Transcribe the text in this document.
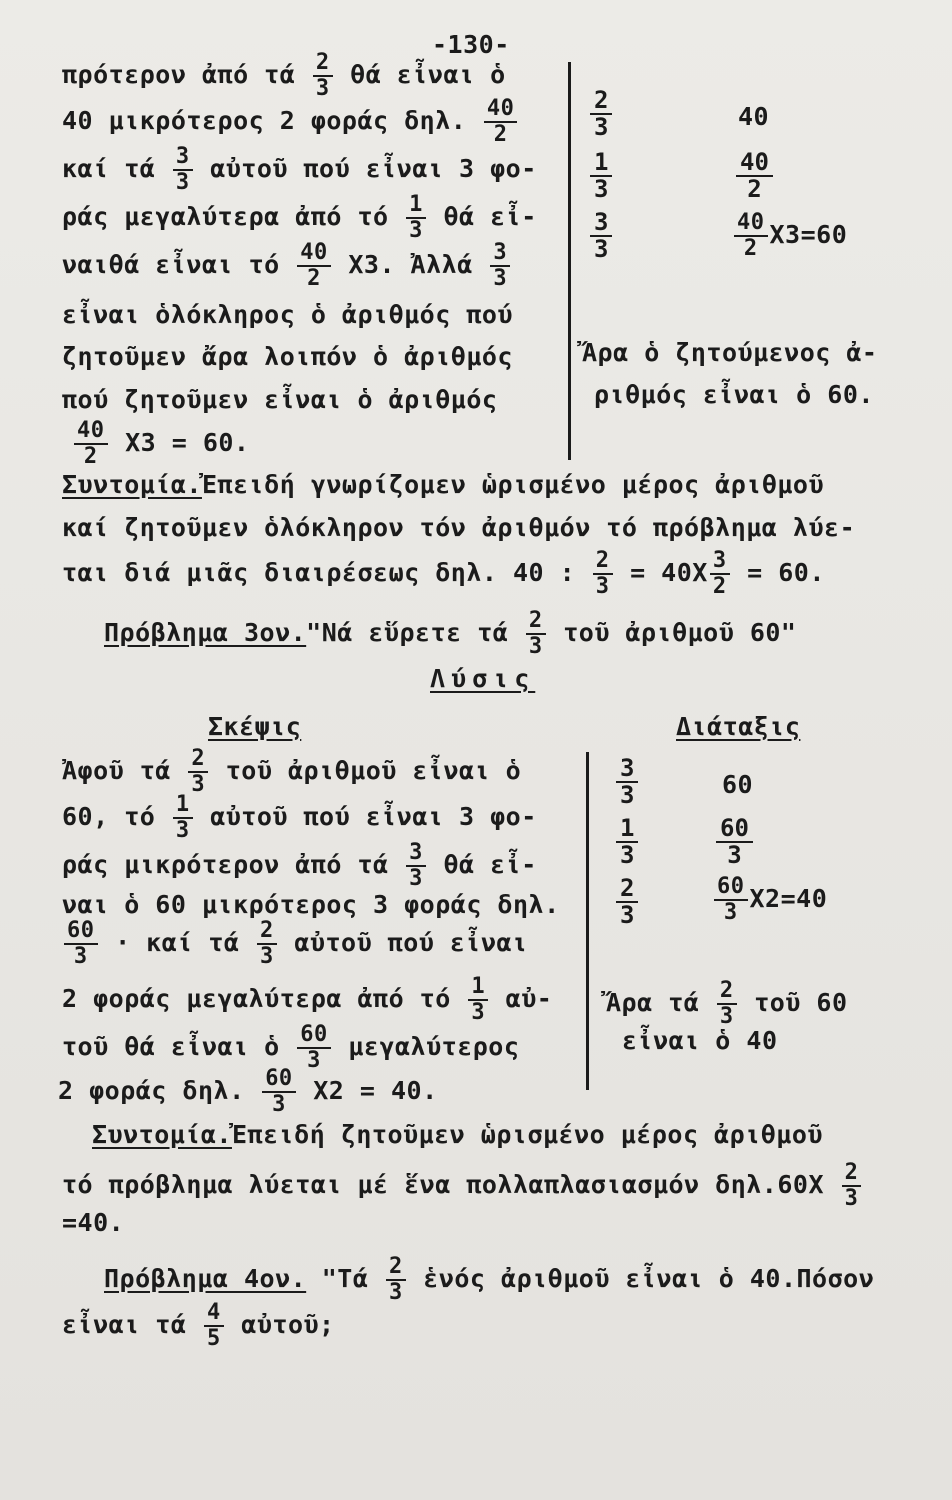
-130-
πρότερον ἀπό τά $\frac{2}{3}$ θά εἶναι ὁ
40 μικρότερος 2 φοράς δηλ. $\frac{40}{2}$
καί τά $\frac{3}{3}$ αὐτοῦ πού εἶναι 3 φο-
ράς μεγαλύτερα ἀπό τό $\frac{1}{3}$ θά εἶ-
ναιθά εἶναι τό $\frac{40}{2} X3$. Ἀλλά $\frac{3}{3}$
εἶναι ὁλόκληρος ὁ ἀριθμός πού
ζητοῦμεν ἄρα λοιπόν ὁ ἀριθμός
πού ζητοῦμεν εἶναι ὁ ἀριθμός
$\frac{40}{2} X3 = 60$.
2
3
1
3
3
3
40
40
2
$\frac{40}{2} X3=60$
Ἄρα ὁ ζητούμενος ἀ-
ριθμός εἶναι ὁ 60.
Συντομία.Ἐπειδή γνωρίζομεν ὡρισμένο μέρος ἀριθμοῦ
καί ζητοῦμεν ὁλόκληρον τόν ἀριθμόν τό πρόβλημα λύε-
ται διά μιᾶς διαιρέσεως δηλ. 40 : $\frac{2}{3} = 40X \frac{3}{2} = 60$.
Πρόβλημα 3ον."Νά εὕρετε τά $\frac{2}{3}$ τοῦ ἀριθμοῦ 60"
Λύσις
Σκέψις	Διάταξις
Ἀφοῦ τά $\frac{2}{3}$ τοῦ ἀριθμοῦ εἶναι ὁ
60, τό $\frac{1}{3}$ αὐτοῦ πού εἶναι 3 φο-
ράς μικρότερον ἀπό τά $\frac{3}{3}$ θά εἶ-
ναι ὁ 60 μικρότερος 3 φοράς δηλ.
$\frac{60}{3} \cdot \kappa\alpha ί$ τά $\frac{2}{3}$ αὐτοῦ πού εἶναι
2 φοράς μεγαλύτερα ἀπό τό $\frac{1}{3}$ αὐ-
τοῦ θά εἶναι ὁ $\frac{60}{3}$ μεγαλύτερος
2 φοράς δηλ. $\frac{60}{3} X2 = 40$.
3
3
1
3
2
3
60
60
3
$\frac{60}{3} X2=40$
Ἄρα τά $\frac{2}{3}$ τοῦ 60
εἶναι ὁ 40
Συντομία.Ἐπειδή ζητοῦμεν ὡρισμένο μέρος ἀριθμοῦ
τό πρόβλημα λύεται μέ ἕνα πολλαπλασιασμόν $\delta\eta\lambda.60X \frac{2}{3}$
=40.
Πρόβλημα 4ον. "$Tά \frac{2}{3}$ ἑνός ἀριθμοῦ εἶναι ὁ 40.Πόσον
εἶναι τά $\frac{4}{5}$ αὐτοῦ;
